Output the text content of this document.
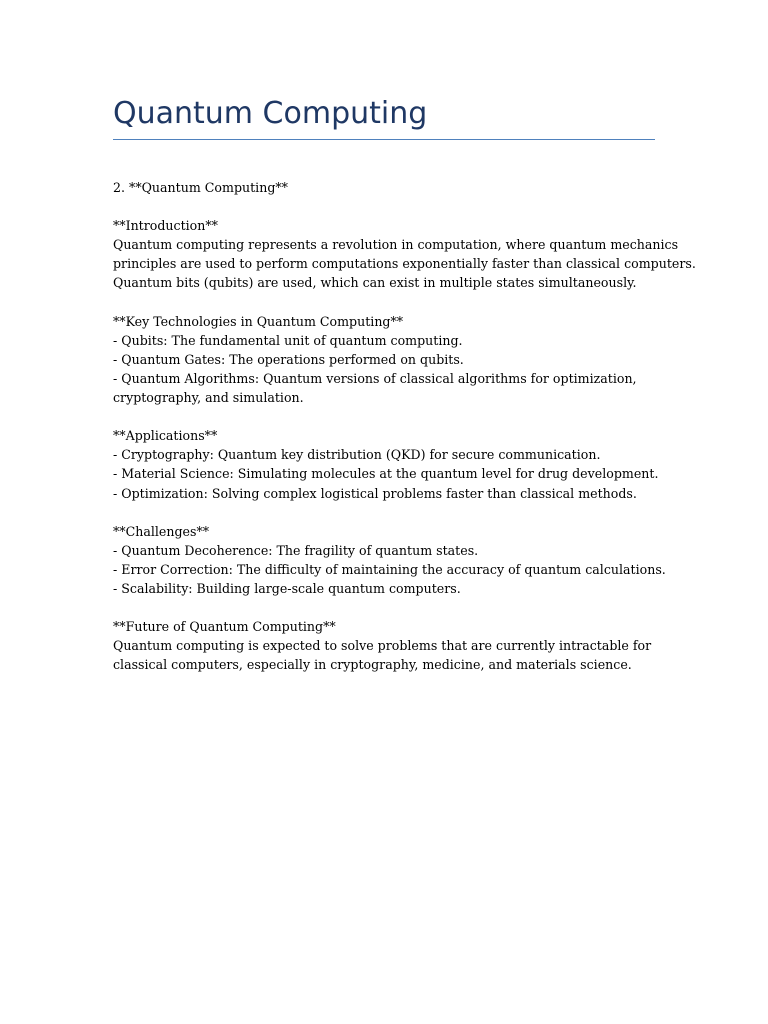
Quantum Computing
2. **Quantum Computing**
**Introduction**
Quantum computing represents a revolution in computation, where quantum mechanics
principles are used to perform computations exponentially faster than classical computers.
Quantum bits (qubits) are used, which can exist in multiple states simultaneously.
**Key Technologies in Quantum Computing**
- Qubits: The fundamental unit of quantum computing.
- Quantum Gates: The operations performed on qubits.
- Quantum Algorithms: Quantum versions of classical algorithms for optimization,
cryptography, and simulation.
**Applications**
- Cryptography: Quantum key distribution (QKD) for secure communication.
- Material Science: Simulating molecules at the quantum level for drug development.
- Optimization: Solving complex logistical problems faster than classical methods.
**Challenges**
- Quantum Decoherence: The fragility of quantum states.
- Error Correction: The difficulty of maintaining the accuracy of quantum calculations.
- Scalability: Building large-scale quantum computers.
**Future of Quantum Computing**
Quantum computing is expected to solve problems that are currently intractable for
classical computers, especially in cryptography, medicine, and materials science.
